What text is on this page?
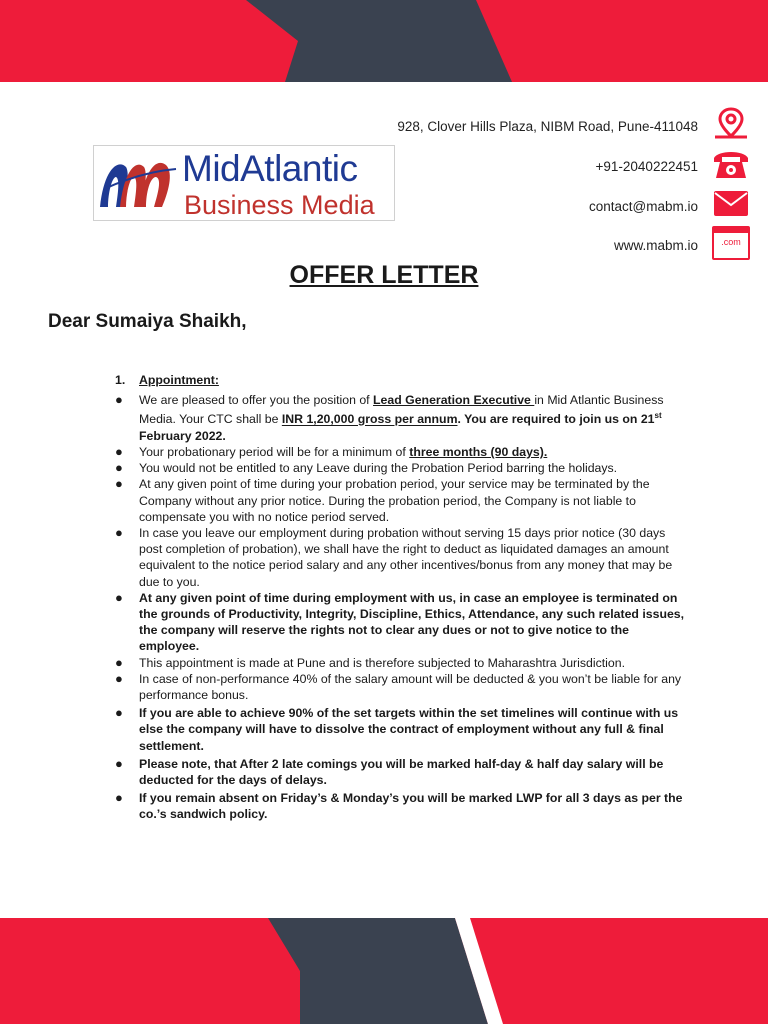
MidAtlantic
Business Media
928, Clover Hills Plaza, NIBM Road, Pune-411048
+91-2040222451
contact@mabm.io
www.mabm.io	.com
OFFER LETTER
Dear Sumaiya Shaikh,
1. Appointment:
● We are pleased to offer you the position of Lead Generation Executive in Mid Atlantic Business Media. Your CTC shall be INR 1,20,000 gross per annum. You are required to join us on 21st February 2022.
● Your probationary period will be for a minimum of three months (90 days).
● You would not be entitled to any Leave during the Probation Period barring the holidays.
● At any given point of time during your probation period, your service may be terminated by the Company without any prior notice. During the probation period, the Company is not liable to compensate you with no notice period served.
● In case you leave our employment during probation without serving 15 days prior notice (30 days post completion of probation), we shall have the right to deduct as liquidated damages an amount equivalent to the notice period salary and any other incentives/bonus from any money that may be due to you.
● At any given point of time during employment with us, in case an employee is terminated on the grounds of Productivity, Integrity, Discipline, Ethics, Attendance, any such related issues, the company will reserve the rights not to clear any dues or not to give notice to the employee.
● This appointment is made at Pune and is therefore subjected to Maharashtra Jurisdiction.
● In case of non-performance 40% of the salary amount will be deducted & you won’t be liable for any performance bonus.
● If you are able to achieve 90% of the set targets within the set timelines will continue with us else the company will have to dissolve the contract of employment without any full & final settlement.
● Please note, that After 2 late comings you will be marked half-day & half day salary will be deducted for the days of delays.
● If you remain absent on Friday’s & Monday’s you will be marked LWP for all 3 days as per the co.’s sandwich policy.
